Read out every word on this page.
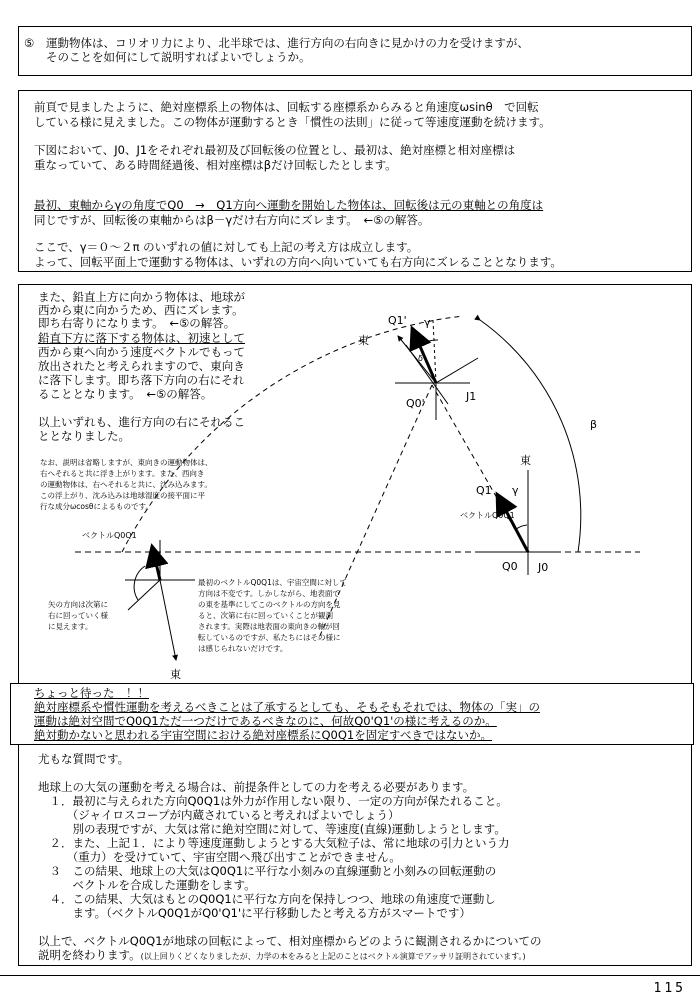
⑤ 運動物体は、コリオリ力により、北半球では、進行方向の右向きに見かけの力を受けますが、

そのことを如何にして説明すればよいでしょうか。

前頁で見ましたように、絶対座標系上の物体は、回転する座標系からみると角速度ωsinθ　で回転

している様に見えました。この物体が運動するとき「慣性の法則」に従って等速度運動を続けます。

下図において、J0、J1をそれぞれ最初及び回転後の位置とし、最初は、絶対座標と相対座標は

重なっていて、ある時間経過後、相対座標はβだけ回転したとします。

最初、東軸からγの角度でQ0　→　Q1方向へ運動を開始した物体は、回転後は元の東軸との角度は

同じですが、回転後の東軸からはβ－γだけ右方向にズレます。　←⑤の解答。

ここで、γ＝０～２π のいずれの値に対しても上記の考え方は成立します。

よって、回転平面上で運動する物体は、いずれの方向へ向いていても右方向にズレることとなります。

また、鉛直上方に向かう物体は、地球が

西から東に向かうため、西にズレます。

即ち右寄りになります。　←⑤の解答。

鉛直下方に落下する物体は、初速として

西から東へ向かう速度ベクトルでもって

放出されたと考えられますので、東向き

に落下します。即ち落下方向の右にそれ

ることとなります。　←⑤の解答。

以上いずれも、進行方向の右にそれるこ

ととなりました。

なお、説明は省略しますが、東向きの運動物体は、

右へそれると共に浮き上がります。また、西向き

の運動物体は、右へそれると共に、沈み込みます。

この浮上がり、沈み込みは地球湿度の接平面に平

行な成分ωcosθによるものです。

東
Q1' γ
δ
Q0'
J1
β
東
Q1 γ
ベクトルQ0Q1
Q0 J0
ベクトルQ0Q1
東

矢の方向は次第に

右に回っていく様

に見えます。

最初のベクトルQ0Q1は、宇宙空間に対して

方向は不変です。しかしながら、地表面で

の東を基準にしてこのベクトルの方向を見

ると、次第に右に回っていくことが観測

されます。実際は地表面の東向きの軸が回

転しているのですが、私たちにはその様に

は感じられないだけです。

ちょっと待った　！！

絶対座標系や慣性運動を考えるべきことは了承するとしても、そもそもそれでは、物体の「実」の

運動は絶対空間でQ0Q1ただ一つだけであるべきなのに、何故Q0'Q1'の様に考えるのか。

絶対動かないと思われる宇宙空間における絶対座標系にQ0Q1を固定すべきではないか。

尤もな質問です。

地球上の大気の運動を考える場合は、前提条件としての力を考える必要があります。

　１．最初に与えられた方向Q0Q1は外力が作用しない限り、一定の方向が保たれること。

　　　（ジャイロスコープが内蔵されていると考えればよいでしょう）

　　　別の表現ですが、大気は常に絶対空間に対して、等速度(直線)運動しようとします。

　２．また、上記１．により等速度運動しようとする大気粒子は、常に地球の引力という力

　　　（重力）を受けていて、宇宙空間へ飛び出すことができません。

　３　この結果、地球上の大気はQ0Q1に平行な小刻みの直線運動と小刻みの回転運動の

　　　ベクトルを合成した運動をします。

　４．この結果、大気はもとのQ0Q1に平行な方向を保持しつつ、地球の角速度で運動し

　　　ます。（ベクトルQ0Q1がQ0'Q1'に平行移動したと考える方がスマートです）

以上で、ベクトルQ0Q1が地球の回転によって、相対座標からどのように観測されるかについての

説明を終わります。(以上回りくどくなりましたが、力学の本をみると上記のことはベクトル演算でアッサリ証明されています。)

115
